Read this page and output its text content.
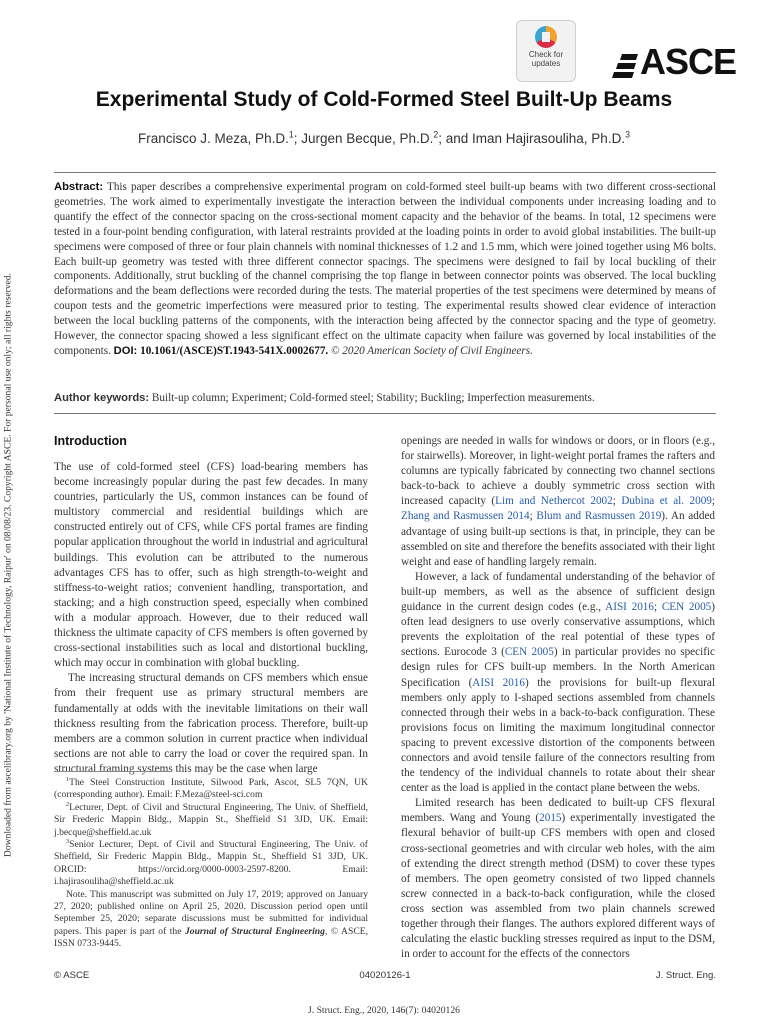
Downloaded from ascelibrary.org by 'National Institute of Technology, Raipur' on 08/08/23. Copyright ASCE. For personal use only; all rights reserved.
Check for
updates	ASCE
Experimental Study of Cold-Formed Steel Built-Up Beams
Francisco J. Meza, Ph.D.$^1$; Jurgen Becque, Ph.D.$^2$; and Iman Hajirasouliha, Ph.D.$^3$
Abstract: This paper describes a comprehensive experimental program on cold-formed steel built-up beams with two different cross-sectional geometries. The work aimed to experimentally investigate the interaction between the individual components under increasing loading and to quantify the effect of the connector spacing on the cross-sectional moment capacity and the behavior of the beams. In total, 12 specimens were tested in a four-point bending configuration, with lateral restraints provided at the loading points in order to avoid global instabilities. The built-up specimens were composed of three or four plain channels with nominal thicknesses of 1.2 and 1.5 mm, which were joined together using M6 bolts. Each built-up geometry was tested with three different connector spacings. The specimens were designed to fail by local buckling of their components. Additionally, strut buckling of the channel comprising the top flange in between connector points was observed. The local buckling deformations and the beam deflections were recorded during the tests. The material properties of the test specimens were determined by means of coupon tests and the geometric imperfections were measured prior to testing. The experimental results showed clear evidence of interaction between the local buckling patterns of the components, with the interaction being affected by the connector spacing and the type of geometry. However, the connector spacing showed a less significant effect on the ultimate capacity when failure was governed by local instabilities of the components. DOI: 10.1061/(ASCE)ST.1943-541X.0002677. © 2020 American Society of Civil Engineers.
Author keywords: Built-up column; Experiment; Cold-formed steel; Stability; Buckling; Imperfection measurements.
Introduction

The use of cold-formed steel (CFS) load-bearing members has become increasingly popular during the past few decades. In many countries, particularly the US, common instances can be found of multistory commercial and residential buildings which are constructed entirely out of CFS, while CFS portal frames are finding popular application throughout the world in industrial and agricultural buildings. This evolution can be attributed to the numerous advantages CFS has to offer, such as high strength-to-weight and stiffness-to-weight ratios; convenient handling, transportation, and stacking; and a high construction speed, especially when combined with a modular approach. However, due to their reduced wall thickness the ultimate capacity of CFS members is often governed by cross-sectional instabilities such as local and distortional buckling, which may occur in combination with global buckling.

The increasing structural demands on CFS members which ensue from their frequent use as primary structural members are fundamentally at odds with the inevitable limitations on their wall thickness resulting from the fabrication process. Therefore, built-up members are a common solution in current practice when individual sections are not able to carry the load or cover the required span. In structural framing systems this may be the case when large

$^1$The Steel Construction Institute, Silwood Park, Ascot, SL5 7QN, UK (corresponding author). Email: F.Meza@steel-sci.com

$^2$Lecturer, Dept. of Civil and Structural Engineering, The Univ. of Sheffield, Sir Frederic Mappin Bldg., Mappin St., Sheffield S1 3JD, UK. Email: j.becque@sheffield.ac.uk

$^3$Senior Lecturer, Dept. of Civil and Structural Engineering, The Univ. of Sheffield, Sir Frederic Mappin Bldg., Mappin St., Sheffield S1 3JD, UK. ORCID: https://orcid.org/0000-0003-2597-8200. Email: i.hajirasouliha@sheffield.ac.uk

Note. This manuscript was submitted on July 17, 2019; approved on January 27, 2020; published online on April 25, 2020. Discussion period open until September 25, 2020; separate discussions must be submitted for individual papers. This paper is part of the Journal of Structural Engineering, © ASCE, ISSN 0733-9445.

openings are needed in walls for windows or doors, or in floors (e.g., for stairwells). Moreover, in light-weight portal frames the rafters and columns are typically fabricated by connecting two channel sections back-to-back to achieve a doubly symmetric cross section with increased capacity (Lim and Nethercot 2002; Dubina et al. 2009; Zhang and Rasmussen 2014; Blum and Rasmussen 2019). An added advantage of using built-up sections is that, in principle, they can be assembled on site and therefore the benefits associated with their light weight and ease of handling largely remain.

However, a lack of fundamental understanding of the behavior of built-up members, as well as the absence of sufficient design guidance in the current design codes (e.g., AISI 2016; CEN 2005) often lead designers to use overly conservative assumptions, which prevents the exploitation of the real potential of these types of sections. Eurocode 3 (CEN 2005) in particular provides no specific design rules for CFS built-up members. In the North American Specification (AISI 2016) the provisions for built-up flexural members only apply to I-shaped sections assembled from channels connected through their webs in a back-to-back configuration. These provisions focus on limiting the maximum longitudinal connector spacing to prevent excessive distortion of the components between connectors and avoid tensile failure of the connectors resulting from the tendency of the individual channels to rotate about their shear center as the load is applied in the contact plane between the webs.

Limited research has been dedicated to built-up CFS flexural members. Wang and Young (2015) experimentally investigated the flexural behavior of built-up CFS members with open and closed cross-sectional geometries and with circular web holes, with the aim of extending the direct strength method (DSM) to cover these types of members. The open geometry consisted of two lipped channels screw connected in a back-to-back configuration, while the closed cross section was assembled from two plain channels screwed together through their flanges. The authors explored different ways of calculating the elastic buckling stresses required as input to the DSM, in order to account for the effects of the connectors

© ASCE	04020126-1	J. Struct. Eng.
J. Struct. Eng., 2020, 146(7): 04020126
